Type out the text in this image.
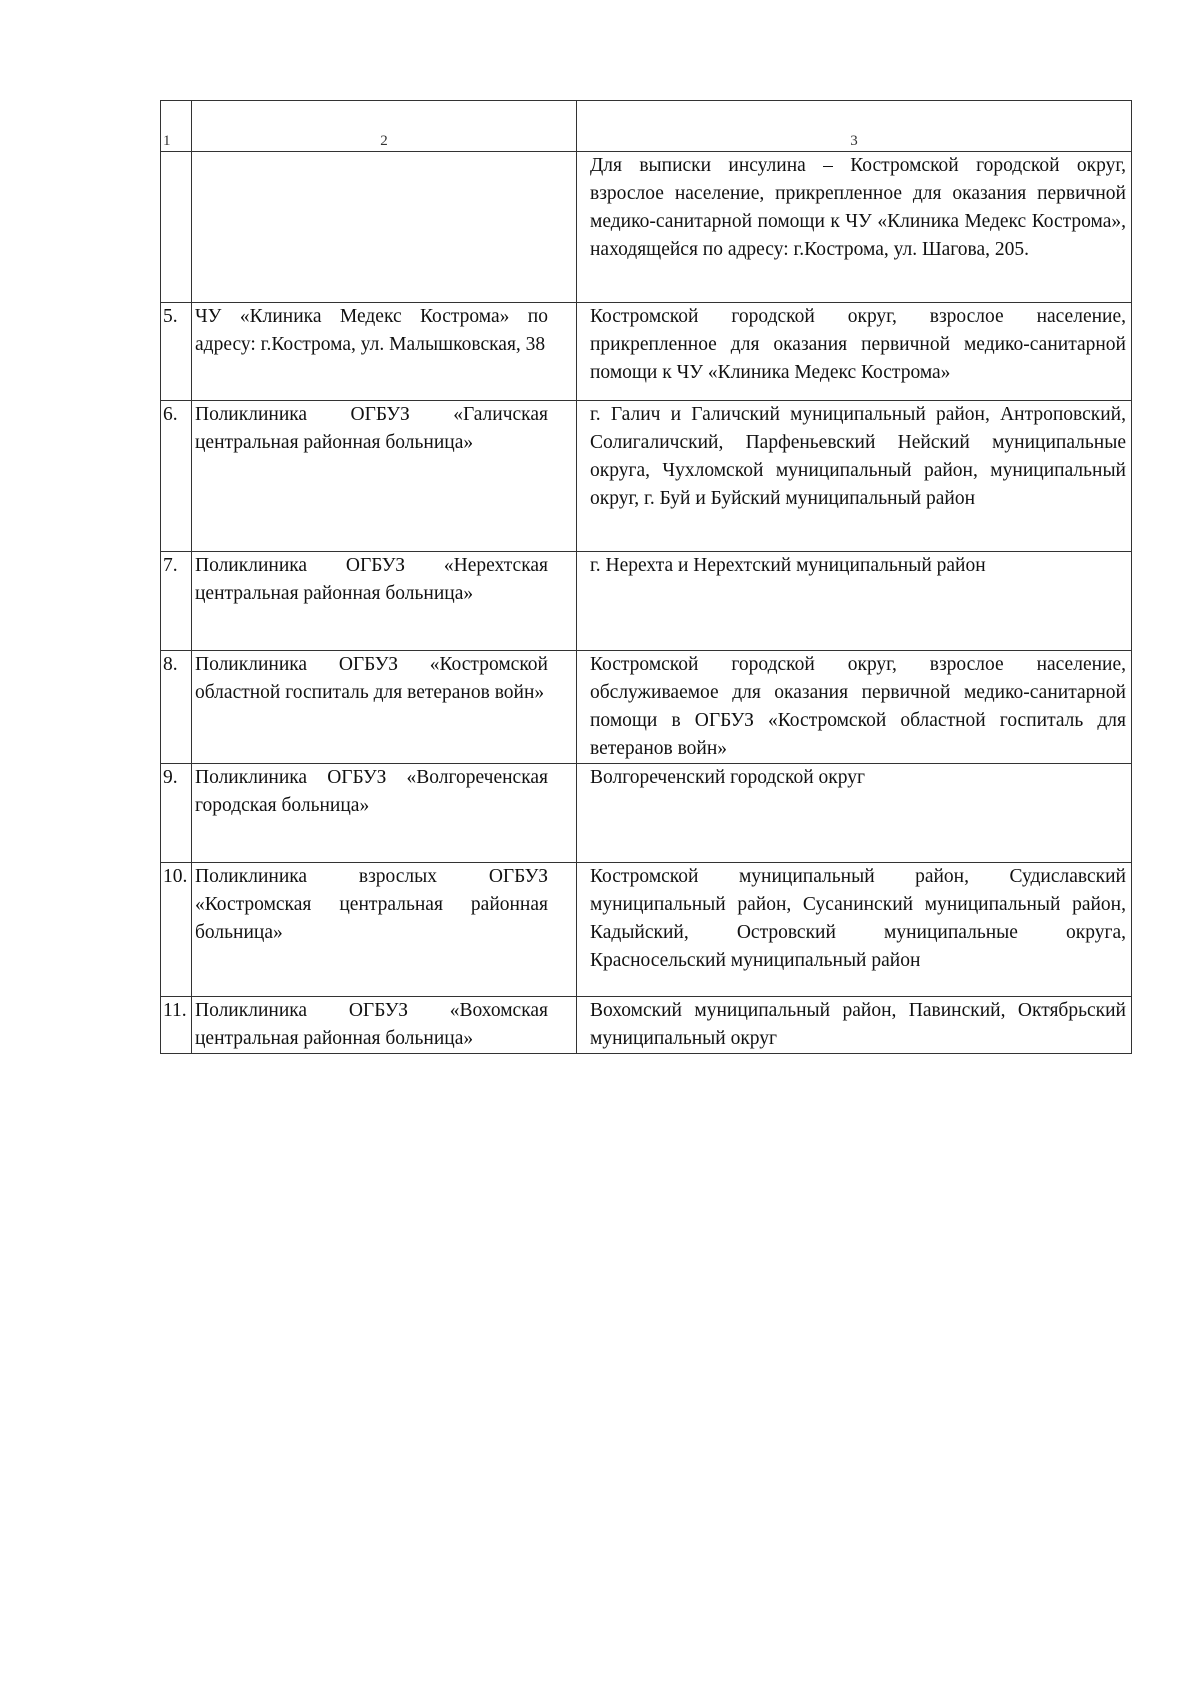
1	2	3

		Для выписки инсулина – Костромской городской округ, взрослое население, прикрепленное для оказания первичной медико-санитарной помощи к ЧУ «Клиника Медекс Кострома», находящейся по адресу: г.Кострома, ул. Шагова, 205.

5.	ЧУ «Клиника Медекс Кострома» по адресу: г.Кострома, ул. Малышковская, 38	Костромской городской округ, взрослое население, прикрепленное для оказания первичной медико-санитарной помощи к ЧУ «Клиника Медекс Кострома»

6.	Поликлиника ОГБУЗ «Галичская центральная районная больница»	г. Галич и Галичский муниципальный район, Антроповский, Солигаличский, Парфеньевский Нейский муниципальные округа, Чухломской муниципальный район, муниципальный округ, г. Буй и Буйский муниципальный район

7.	Поликлиника ОГБУЗ «Нерехтская центральная районная больница»	г. Нерехта и Нерехтский муниципальный район

8.	Поликлиника ОГБУЗ «Костромской областной госпиталь для ветеранов войн»	Костромской городской округ, взрослое население, обслуживаемое для оказания первичной медико-санитарной помощи в ОГБУЗ «Костромской областной госпиталь для ветеранов войн»

9.	Поликлиника ОГБУЗ «Волгореченская городская больница»	Волгореченский городской округ

10.	Поликлиника взрослых ОГБУЗ «Костромская центральная районная больница»	Костромской муниципальный район, Судиславский муниципальный район, Сусанинский муниципальный район, Кадыйский, Островский муниципальные округа, Красносельский муниципальный район

11.	Поликлиника ОГБУЗ «Вохомская центральная районная больница»	Вохомский муниципальный район, Павинский, Октябрьский муниципальный округ
